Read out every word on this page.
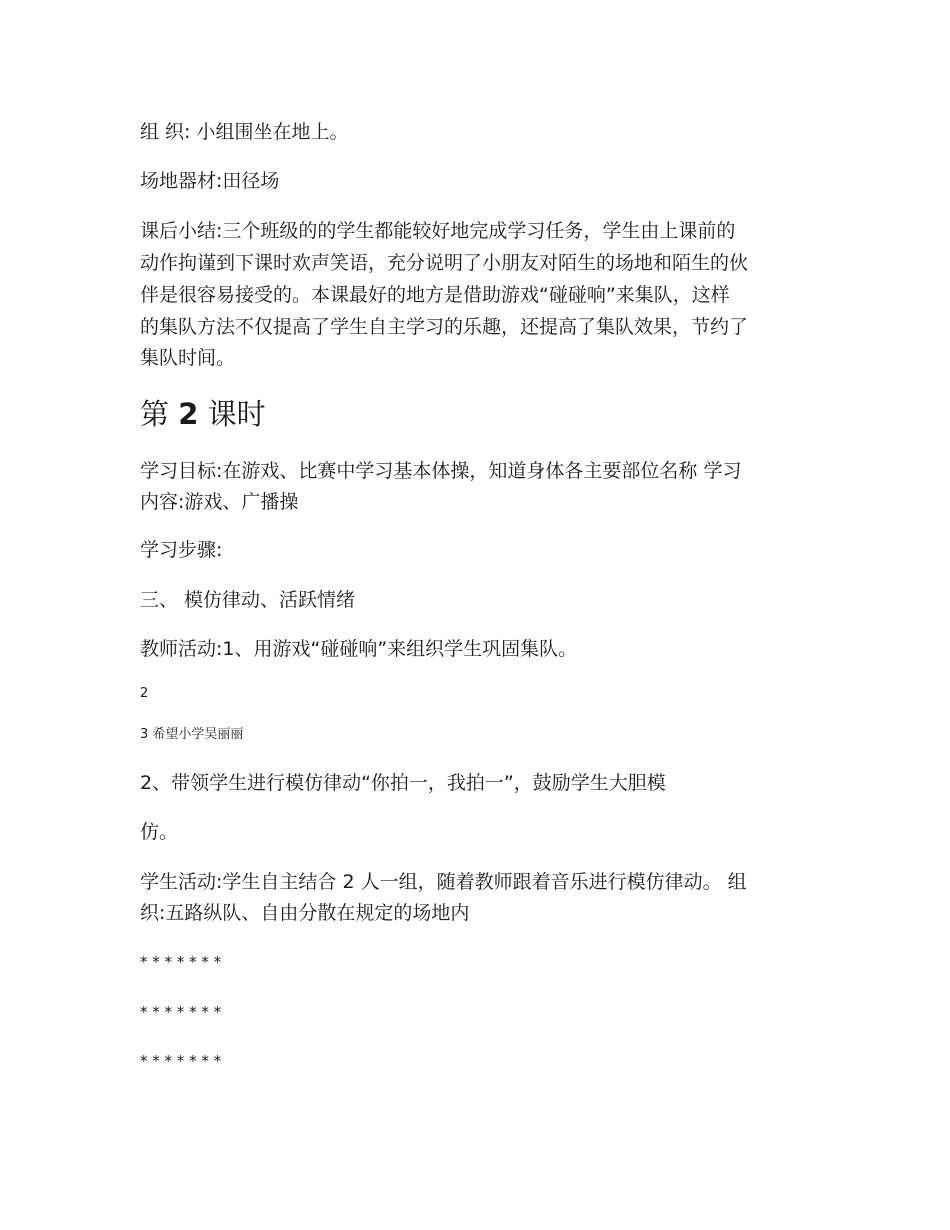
组 织: 小组围坐在地上。
场地器材:田径场
课后小结:三个班级的的学生都能较好地完成学习任务，学生由上课前的
动作拘谨到下课时欢声笑语，充分说明了小朋友对陌生的场地和陌生的伙
伴是很容易接受的。本课最好的地方是借助游戏“碰碰响”来集队，这样
的集队方法不仅提高了学生自主学习的乐趣，还提高了集队效果，节约了
集队时间。
第 2 课时
学习目标:在游戏、比赛中学习基本体操，知道身体各主要部位名称 学习
内容:游戏、广播操
学习步骤:
三、 模仿律动、活跃情绪
教师活动:1、用游戏“碰碰响”来组织学生巩固集队。
2
3 希望小学吴丽丽
2、带领学生进行模仿律动“你拍一，我拍一”，鼓励学生大胆模
仿。
学生活动:学生自主结合 2 人一组，随着教师跟着音乐进行模仿律动。 组
织:五路纵队、自由分散在规定的场地内
* * * * * * *
* * * * * * *
* * * * * * *
